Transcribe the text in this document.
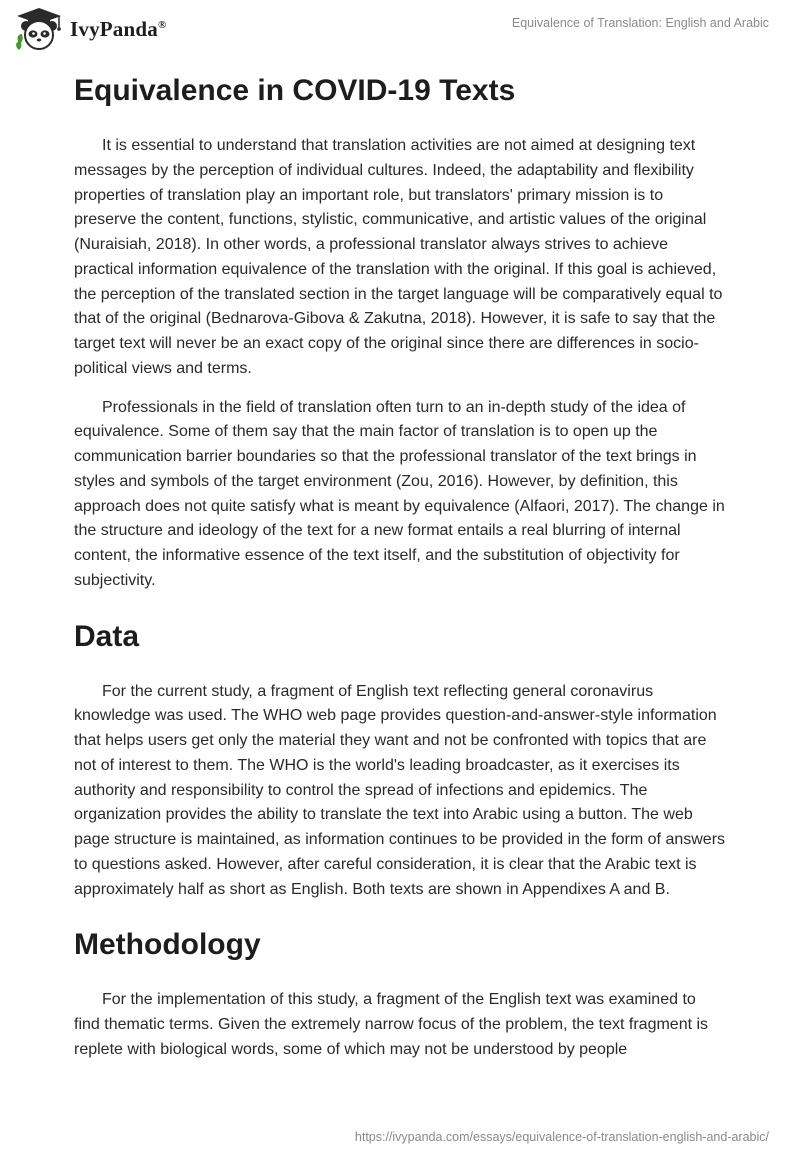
IvyPanda®	Equivalence of Translation: English and Arabic
Equivalence in COVID-19 Texts

It is essential to understand that translation activities are not aimed at designing text messages by the perception of individual cultures. Indeed, the adaptability and flexibility properties of translation play an important role, but translators' primary mission is to preserve the content, functions, stylistic, communicative, and artistic values of the original (Nuraisiah, 2018). In other words, a professional translator always strives to achieve practical information equivalence of the translation with the original. If this goal is achieved, the perception of the translated section in the target language will be comparatively equal to that of the original (Bednarova-Gibova & Zakutna, 2018). However, it is safe to say that the target text will never be an exact copy of the original since there are differences in socio-political views and terms.

Professionals in the field of translation often turn to an in-depth study of the idea of equivalence. Some of them say that the main factor of translation is to open up the communication barrier boundaries so that the professional translator of the text brings in styles and symbols of the target environment (Zou, 2016). However, by definition, this approach does not quite satisfy what is meant by equivalence (Alfaori, 2017). The change in the structure and ideology of the text for a new format entails a real blurring of internal content, the informative essence of the text itself, and the substitution of objectivity for subjectivity.

Data

For the current study, a fragment of English text reflecting general coronavirus knowledge was used. The WHO web page provides question-and-answer-style information that helps users get only the material they want and not be confronted with topics that are not of interest to them. The WHO is the world's leading broadcaster, as it exercises its authority and responsibility to control the spread of infections and epidemics. The organization provides the ability to translate the text into Arabic using a button. The web page structure is maintained, as information continues to be provided in the form of answers to questions asked. However, after careful consideration, it is clear that the Arabic text is approximately half as short as English. Both texts are shown in Appendixes A and B.

Methodology

For the implementation of this study, a fragment of the English text was examined to find thematic terms. Given the extremely narrow focus of the problem, the text fragment is replete with biological words, some of which may not be understood by people

https://ivypanda.com/essays/equivalence-of-translation-english-and-arabic/
